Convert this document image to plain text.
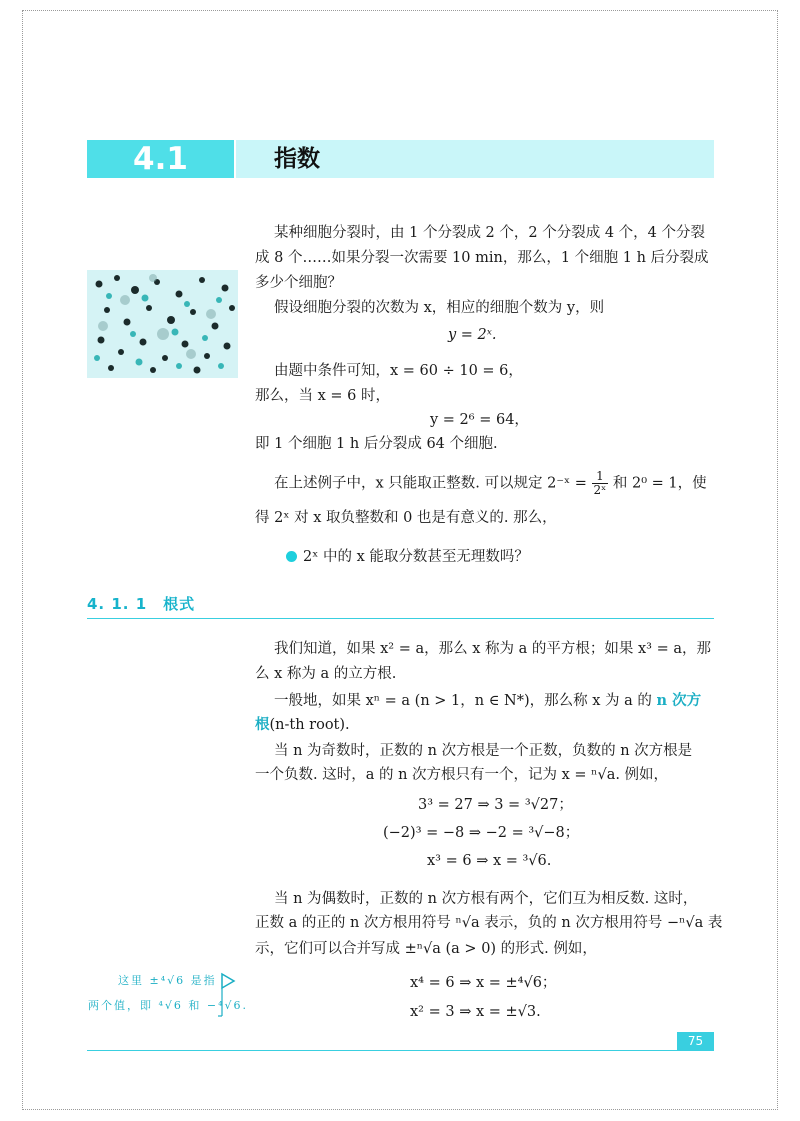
4.1	指数
某种细胞分裂时，由 1 个分裂成 2 个，2 个分裂成 4 个，4 个分裂
成 8 个……如果分裂一次需要 10 min，那么，1 个细胞 1 h 后分裂成
多少个细胞？
假设细胞分裂的次数为 x，相应的细胞个数为 y，则
y = 2ˣ.
由题中条件可知，x = 60 ÷ 10 = 6，
那么，当 x = 6 时，
y = 2⁶ = 64，
即 1 个细胞 1 h 后分裂成 64 个细胞.
在上述例子中，x 只能取正整数. 可以规定 2⁻ˣ = $\frac{1}{\text{2ˣ}}$ 和 2⁰ = 1，使
得 2ˣ 对 x 取负整数和 0 也是有意义的. 那么，
2ˣ 中的 x 能取分数甚至无理数吗？
4. 1. 1　根式
我们知道，如果 x² = a，那么 x 称为 a 的平方根；如果 x³ = a，那
么 x 称为 a 的立方根.
一般地，如果 xⁿ = a (n > 1，n ∈ N*)，那么称 x 为 a 的 n 次方
根(n-th root).
当 n 为奇数时，正数的 n 次方根是一个正数，负数的 n 次方根是
一个负数. 这时，a 的 n 次方根只有一个，记为 x = ⁿ√a. 例如，
3³ = 27 ⇒ 3 = ³√27；
(−2)³ = −8 ⇒ −2 = ³√−8；
x³ = 6 ⇒ x = ³√6.
当 n 为偶数时，正数的 n 次方根有两个，它们互为相反数. 这时，
正数 a 的正的 n 次方根用符号 ⁿ√a 表示，负的 n 次方根用符号 −ⁿ√a 表
示，它们可以合并写成 ±ⁿ√a (a > 0) 的形式. 例如，
x⁴ = 6 ⇒ x = ±⁴√6；
x² = 3 ⇒ x = ±√3.
这里 ±⁴√6 是指
两个值，即 ⁴√6 和 −⁴√6.
75
